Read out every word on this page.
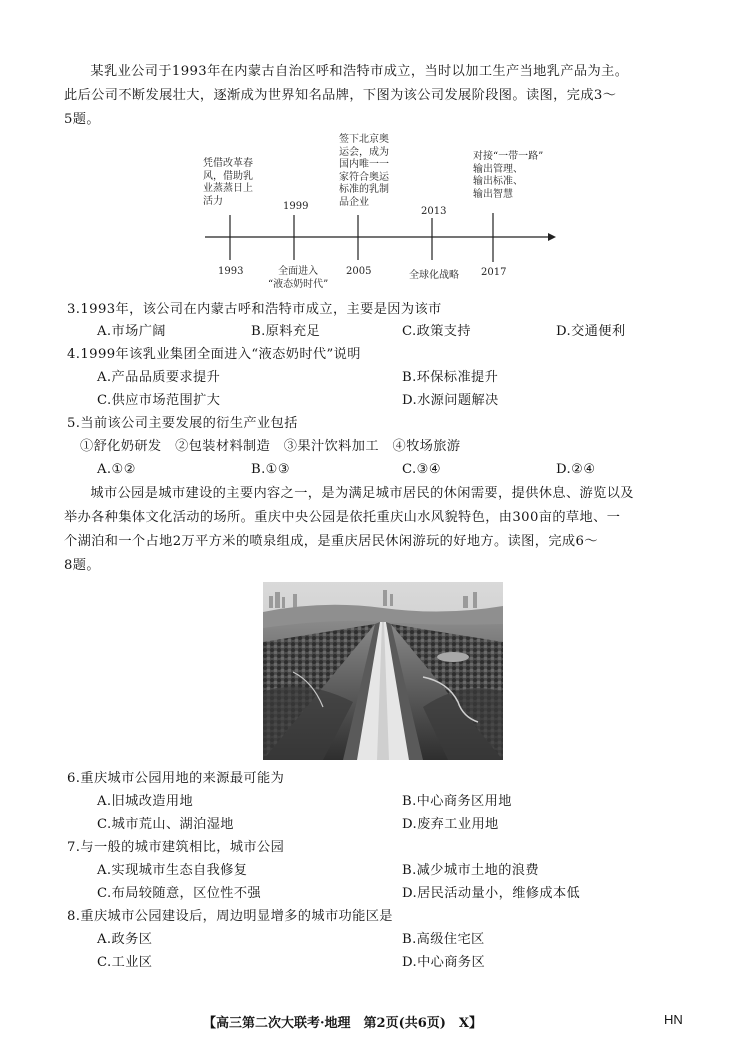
某乳业公司于1993年在内蒙古自治区呼和浩特市成立，当时以加工生产当地乳产品为主。

此后公司不断发展壮大，逐渐成为世界知名品牌，下图为该公司发展阶段图。读图，完成3～

5题。

1993
1999
2005
2013
2017
凭借改革春
风，借助乳
业蒸蒸日上
活力
全面进入
“液态奶时代”
签下北京奥
运会，成为
国内唯一一
家符合奥运
标准的乳制
品企业
全球化战略
对接“一带一路”
输出管理、
输出标准、
输出智慧
3.1993年，该公司在内蒙古呼和浩特市成立，主要是因为该市
A.市场广阔	B.原料充足	C.政策支持	D.交通便利
4.1999年该乳业集团全面进入“液态奶时代”说明
A.产品品质要求提升	B.环保标准提升
C.供应市场范围扩大	D.水源问题解决
5.当前该公司主要发展的衍生产业包括
①舒化奶研发　②包装材料制造　③果汁饮料加工　④牧场旅游
A.①②	B.①③	C.③④	D.②④

城市公园是城市建设的主要内容之一，是为满足城市居民的休闲需要，提供休息、游览以及

举办各种集体文化活动的场所。重庆中央公园是依托重庆山水风貌特色，由300亩的草地、一

个湖泊和一个占地2万平方米的喷泉组成，是重庆居民休闲游玩的好地方。读图，完成6～

8题。

6.重庆城市公园用地的来源最可能为
A.旧城改造用地	B.中心商务区用地
C.城市荒山、湖泊湿地	D.废弃工业用地
7.与一般的城市建筑相比，城市公园
A.实现城市生态自我修复	B.减少城市土地的浪费
C.布局较随意，区位性不强	D.居民活动量小，维修成本低
8.重庆城市公园建设后，周边明显增多的城市功能区是
A.政务区	B.高级住宅区
C.工业区	D.中心商务区
【高三第二次大联考·地理　第2页(共6页)　X】	HN
